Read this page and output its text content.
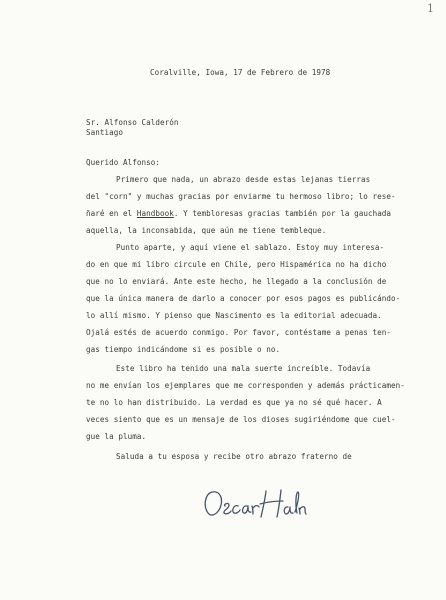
1
Coralville, Iowa, 17 de Febrero de 1978
Sr. Alfonso Calderón
Santiago
Querido Alfonso:
Primero que nada, un abrazo desde estas lejanas tierras
del "corn" y muchas gracias por enviarme tu hermoso libro; lo rese-
ñaré en el Handbook. Y tembloresas gracias también por la gauchada
aquella, la inconsabida, que aún me tiene tembleque.
Punto aparte, y aquí viene el sablazo. Estoy muy interesa-
do en que mi libro circule en Chile, pero Hispamérica no ha dicho
que no lo enviará. Ante este hecho, he llegado a la conclusión de
que la única manera de darlo a conocer por esos pagos es publicándo-
lo allí mismo. Y pienso que Nascimento es la editorial adecuada.
Ojalá estés de acuerdo conmigo. Por favor, contéstame a penas ten-
gas tiempo indicándome si es posible o no.
Este libro ha tenido una mala suerte increíble. Todavía
no me envían los ejemplares que me corresponden y además prácticamen-
te no lo han distribuido. La verdad es que ya no sé qué hacer. A
veces siento que es un mensaje de los dioses sugiriéndome que cuel-
gue la pluma.
Saluda a tu esposa y recibe otro abrazo fraterno de
